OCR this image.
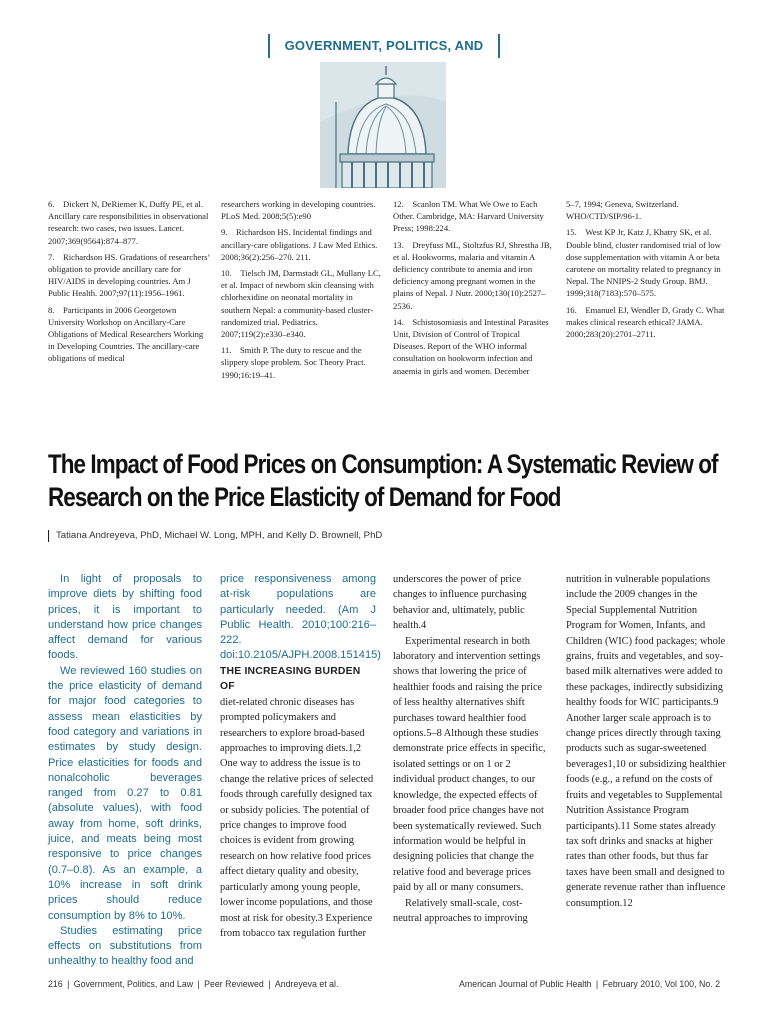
GOVERNMENT, POLITICS, AND

6. Dickert N, DeRiemer K, Duffy PE, et al. Ancillary care responsibilities in observational research: two cases, two issues. Lancet. 2007;369(9564):874–877.

7. Richardson HS. Gradations of researchers’ obligation to provide ancillary care for HIV/AIDS in developing countries. Am J Public Health. 2007;97(11):1956–1961.

8. Participants in 2006 Georgetown University Workshop on Ancillary-Care Obligations of Medical Researchers Working in Developing Countries. The ancillary-care obligations of medical

researchers working in developing countries. PLoS Med. 2008;5(5):e90

9. Richardson HS. Incidental findings and ancillary-care obligations. J Law Med Ethics. 2008;36(2):256–270. 211.

10. Tielsch JM, Darmstadt GL, Mullany LC, et al. Impact of newborn skin cleansing with chlorhexidine on neonatal mortality in southern Nepal: a community-based cluster-randomized trial. Pediatrics. 2007;119(2):e330–e340.

11. Smith P. The duty to rescue and the slippery slope problem. Soc Theory Pract. 1990;16:19–41.

12. Scanlon TM. What We Owe to Each Other. Cambridge, MA: Harvard University Press; 1998:224.

13. Dreyfuss ML, Stoltzfus RJ, Shrestha JB, et al. Hookworms, malaria and vitamin A deficiency contribute to anemia and iron deficiency among pregnant women in the plains of Nepal. J Nutr. 2000;130(10):2527–2536.

14. Schistosomiasis and Intestinal Parasites Unit, Division of Control of Tropical Diseases. Report of the WHO informal consultation on hookworm infection and anaemia in girls and women. December

5–7, 1994; Geneva, Switzerland. WHO/CTD/SIP/96-1.

15. West KP Jr, Katz J, Khatry SK, et al. Double blind, cluster randomised trial of low dose supplementation with vitamin A or beta carotene on mortality related to pregnancy in Nepal. The NNIPS-2 Study Group. BMJ. 1999;318(7183):570–575.

16. Emanuel EJ, Wendler D, Grady C. What makes clinical research ethical? JAMA. 2000;283(20):2701–2711.

The Impact of Food Prices on Consumption: A Systematic Review of Research on the Price Elasticity of Demand for Food
Tatiana Andreyeva, PhD, Michael W. Long, MPH, and Kelly D. Brownell, PhD

In light of proposals to improve diets by shifting food prices, it is important to understand how price changes affect demand for various foods.

We reviewed 160 studies on the price elasticity of demand for major food categories to assess mean elasticities by food category and variations in estimates by study design. Price elasticities for foods and nonalcoholic beverages ranged from 0.27 to 0.81 (absolute values), with food away from home, soft drinks, juice, and meats being most responsive to price changes (0.7–0.8). As an example, a 10% increase in soft drink prices should reduce consumption by 8% to 10%.

Studies estimating price effects on substitutions from unhealthy to healthy food and

price responsiveness among at-risk populations are particularly needed. (Am J Public Health. 2010;100:216–222. doi:10.2105/AJPH.2008.151415)

THE INCREASING BURDEN OF

diet-related chronic diseases has prompted policymakers and researchers to explore broad-based approaches to improving diets.1,2 One way to address the issue is to change the relative prices of selected foods through carefully designed tax or subsidy policies. The potential of price changes to improve food choices is evident from growing research on how relative food prices affect dietary quality and obesity, particularly among young people, lower income populations, and those most at risk for obesity.3 Experience from tobacco tax regulation further

underscores the power of price changes to influence purchasing behavior and, ultimately, public health.4

Experimental research in both laboratory and intervention settings shows that lowering the price of healthier foods and raising the price of less healthy alternatives shift purchases toward healthier food options.5–8 Although these studies demonstrate price effects in specific, isolated settings or on 1 or 2 individual product changes, to our knowledge, the expected effects of broader food price changes have not been systematically reviewed. Such information would be helpful in designing policies that change the relative food and beverage prices paid by all or many consumers.

Relatively small-scale, cost-neutral approaches to improving

nutrition in vulnerable populations include the 2009 changes in the Special Supplemental Nutrition Program for Women, Infants, and Children (WIC) food packages; whole grains, fruits and vegetables, and soy-based milk alternatives were added to these packages, indirectly subsidizing healthy foods for WIC participants.9 Another larger scale approach is to change prices directly through taxing products such as sugar-sweetened beverages1,10 or subsidizing healthier foods (e.g., a refund on the costs of fruits and vegetables to Supplemental Nutrition Assistance Program participants).11 Some states already tax soft drinks and snacks at higher rates than other foods, but thus far taxes have been small and designed to generate revenue rather than influence consumption.12

216 | Government, Politics, and Law | Peer Reviewed | Andreyeva et al.	American Journal of Public Health | February 2010, Vol 100, No. 2
